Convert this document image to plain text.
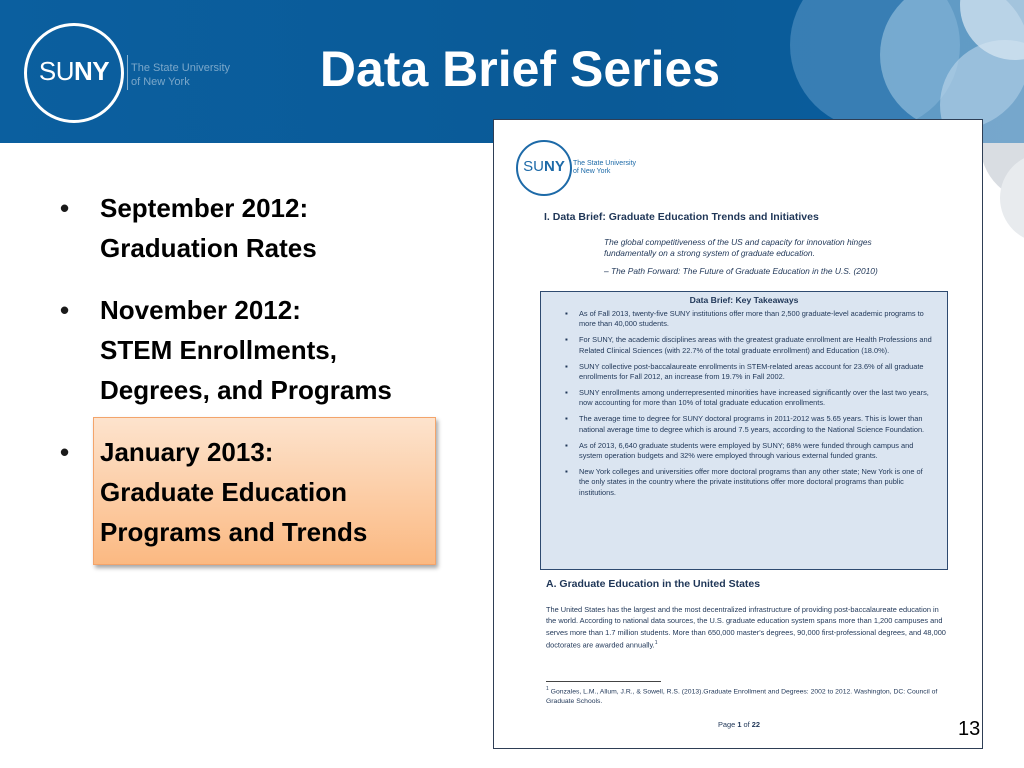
SUNY	The State University
of New York	Data Brief Series
• September 2012:
Graduation Rates
• November 2012:
STEM Enrollments,
Degrees, and Programs
• January 2013:
Graduate Education
Programs and Trends
SUNY	The State University
of New York
I. Data Brief: Graduate Education Trends and Initiatives
The global competitiveness of the US and capacity for innovation hinges fundamentally on a strong system of graduate education.
– The Path Forward: The Future of Graduate Education in the U.S. (2010)
Data Brief: Key Takeaways
▪ As of Fall 2013, twenty-five SUNY institutions offer more than 2,500 graduate-level academic programs to more than 40,000 students.
▪ For SUNY, the academic disciplines areas with the greatest graduate enrollment are Health Professions and Related Clinical Sciences (with 22.7% of the total graduate enrollment) and Education (18.0%).
▪ SUNY collective post-baccalaureate enrollments in STEM-related areas account for 23.6% of all graduate enrollments for Fall 2012, an increase from 19.7% in Fall 2002.
▪ SUNY enrollments among underrepresented minorities have increased significantly over the last two years, now accounting for more than 10% of total graduate education enrollments.
▪ The average time to degree for SUNY doctoral programs in 2011-2012 was 5.65 years. This is lower than national average time to degree which is around 7.5 years, according to the National Science Foundation.
▪ As of 2013, 6,640 graduate students were employed by SUNY; 68% were funded through campus and system operation budgets and 32% were employed through various external funded grants.
▪ New York colleges and universities offer more doctoral programs than any other state; New York is one of the only states in the country where the private institutions offer more doctoral programs than public institutions.
A. Graduate Education in the United States
The United States has the largest and the most decentralized infrastructure of providing post-baccalaureate education in the world. According to national data sources, the U.S. graduate education system spans more than 1,200 campuses and serves more than 1.7 million students. More than 650,000 master's degrees, 90,000 first-professional degrees, and 48,000 doctorates are awarded annually.$^1$
$^1$ Gonzales, L.M., Allum, J.R., & Sowell, R.S. (2013).Graduate Enrollment and Degrees: 2002 to 2012. Washington, DC: Council of Graduate Schools.
Page 1 of 22	13
